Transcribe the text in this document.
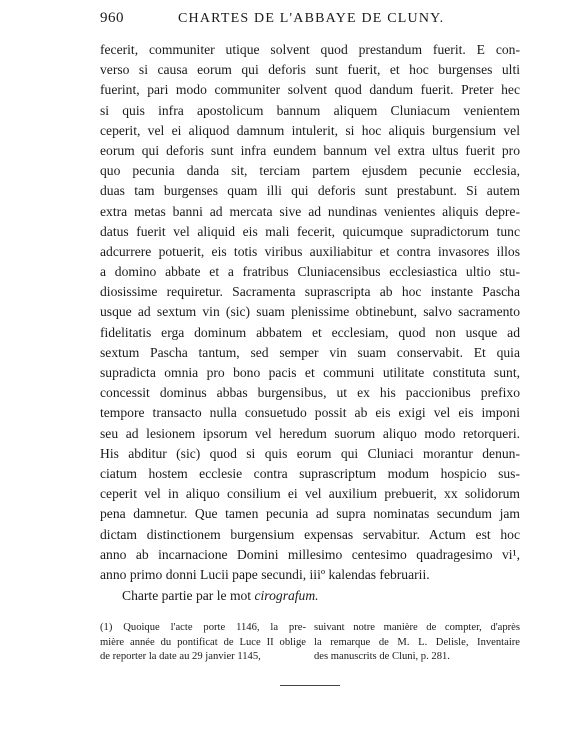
960	CHARTES DE L'ABBAYE DE CLUNY.
fecerit, communiter utique solvent quod prestandum fuerit. E con-
verso si causa eorum qui deforis sunt fuerit, et hoc burgenses ulti
fuerint, pari modo communiter solvent quod dandum fuerit. Preter hec
si quis infra apostolicum bannum aliquem Cluniacum venientem
ceperit, vel ei aliquod damnum intulerit, si hoc aliquis burgensium vel
eorum qui deforis sunt infra eundem bannum vel extra ultus fuerit pro
quo pecunia danda sit, terciam partem ejusdem pecunie ecclesia,
duas tam burgenses quam illi qui deforis sunt prestabunt. Si autem
extra metas banni ad mercata sive ad nundinas venientes aliquis depre-
datus fuerit vel aliquid eis mali fecerit, quicumque supradictorum tunc
adcurrere potuerit, eis totis viribus auxiliabitur et contra invasores illos
a domino abbate et a fratribus Cluniacensibus ecclesiastica ultio stu-
diosissime requiretur. Sacramenta suprascripta ab hoc instante Pascha
usque ad sextum vin (sic) suam plenissime obtinebunt, salvo sacramento
fidelitatis erga dominum abbatem et ecclesiam, quod non usque ad
sextum Pascha tantum, sed semper vin suam conservabit. Et quia
supradicta omnia pro bono pacis et communi utilitate constituta sunt,
concessit dominus abbas burgensibus, ut ex his paccionibus prefixo
tempore transacto nulla consuetudo possit ab eis exigi vel eis imponi
seu ad lesionem ipsorum vel heredum suorum aliquo modo retorqueri.
His abditur (sic) quod si quis eorum qui Cluniaci morantur denun-
ciatum hostem ecclesie contra suprascriptum modum hospicio sus-
ceperit vel in aliquo consilium ei vel auxilium prebuerit, xx solidorum
pena damnetur. Que tamen pecunia ad supra nominatas secundum jam
dictam distinctionem burgensium expensas servabitur. Actum est hoc
anno ab incarnacione Domini millesimo centesimo quadragesimo vi¹,
anno primo donni Lucii pape secundi, iiiº kalendas februarii.
Charte partie par le mot cirografum.
(1) Quoique l'acte porte 1146, la pre-
mière année du pontificat de Luce II oblige
de reporter la date au 29 janvier 1145,
suivant notre manière de compter, d'après
la remarque de M. L. Delisle, Inventaire
des manuscrits de Cluni, p. 281.
